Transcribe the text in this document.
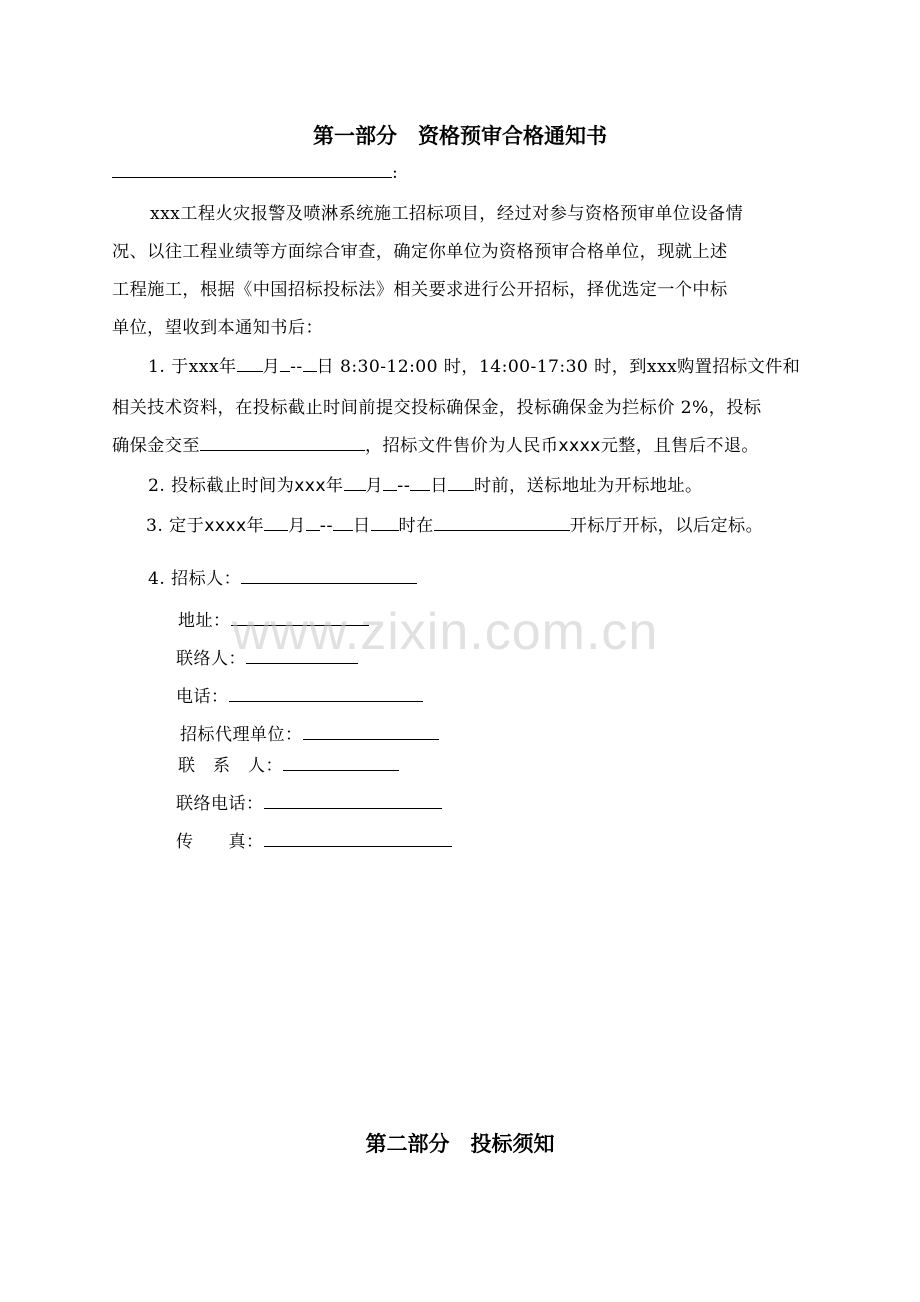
第一部分　资格预审合格通知书
:
xxx工程火灾报警及喷淋系统施工招标项目，经过对参与资格预审单位设备情
况、以往工程业绩等方面综合审查，确定你单位为资格预审合格单位，现就上述
工程施工，根据《中国招标投标法》相关要求进行公开招标，择优选定一个中标
单位，望收到本通知书后：
1. 于xxx年 月 -- 日 8:30-12:00 时，14:00-17:30 时，到xxx购置招标文件和
相关技术资料，在投标截止时间前提交投标确保金，投标确保金为拦标价 2%，投标
确保金交至	，招标文件售价为人民币xxxx元整，且售后不退。
2. 投标截止时间为xxx年 月 -- 日 时前，送标地址为开标地址。
3. 定于xxxx年 月 -- 日 时在	开标厅开标，以后定标。
4. 招标人：
地址：
联络人：
电话：
招标代理单位：
联　系　人：
联络电话：
传　　真：
www.zixin.com.cn
第二部分　投标须知
